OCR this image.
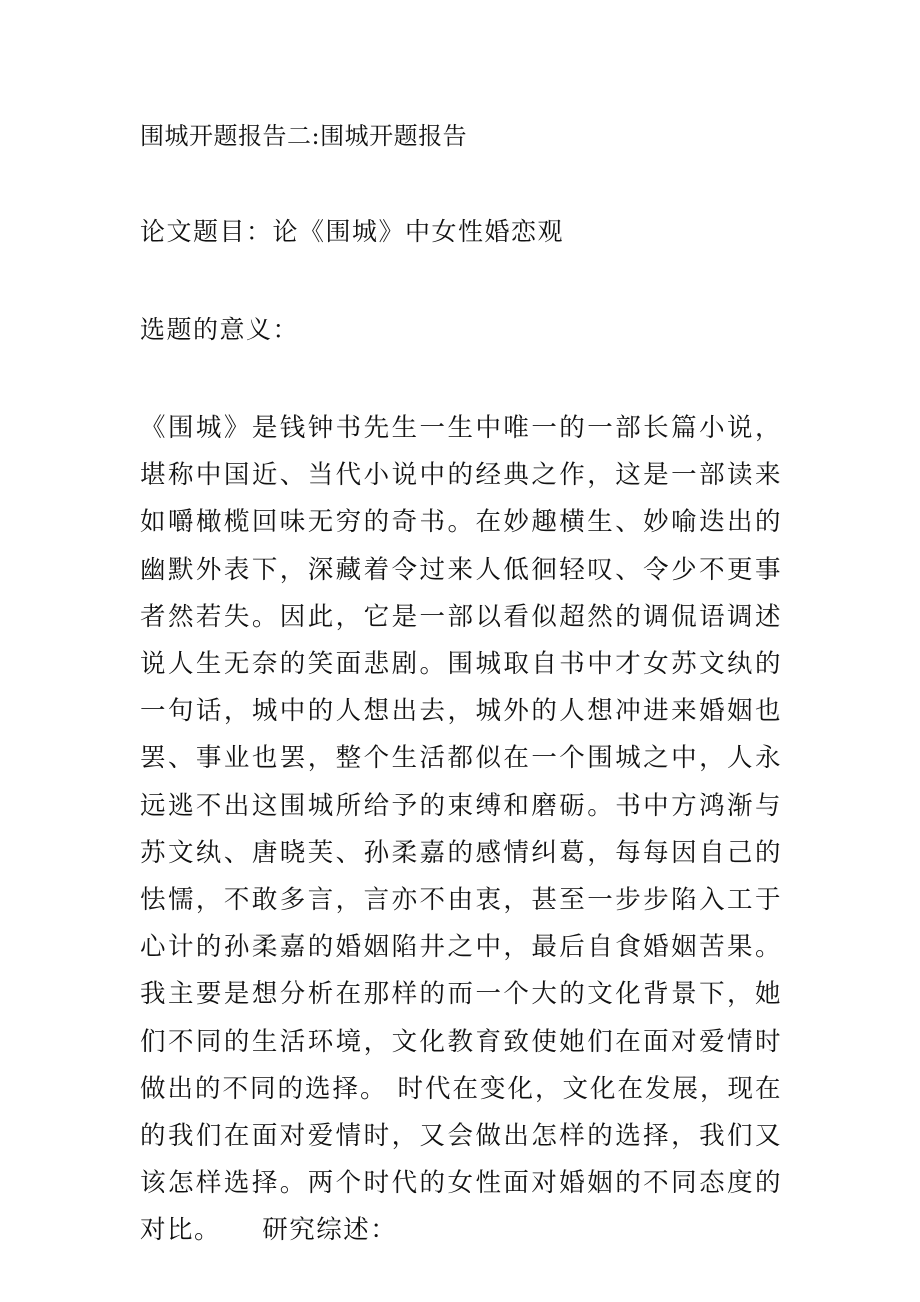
围城开题报告二:围城开题报告

论文题目：论《围城》中女性婚恋观

选题的意义：

《围城》是钱钟书先生一生中唯一的一部长篇小说，堪称中国近、当代小说中的经典之作，这是一部读来如嚼橄榄回味无穷的奇书。在妙趣横生、妙喻迭出的幽默外表下，深藏着令过来人低徊轻叹、令少不更事者然若失。因此，它是一部以看似超然的调侃语调述说人生无奈的笑面悲剧。围城取自书中才女苏文纨的一句话，城中的人想出去，城外的人想冲进来婚姻也罢、事业也罢，整个生活都似在一个围城之中，人永远逃不出这围城所给予的束缚和磨砺。书中方鸿渐与苏文纨、唐晓芙、孙柔嘉的感情纠葛，每每因自己的怯懦，不敢多言，言亦不由衷，甚至一步步陷入工于心计的孙柔嘉的婚姻陷井之中，最后自食婚姻苦果。我主要是想分析在那样的而一个大的文化背景下，她们不同的生活环境，文化教育致使她们在面对爱情时做出的不同的选择。 时代在变化，文化在发展，现在的我们在面对爱情时，又会做出怎样的选择，我们又该怎样选择。两个时代的女性面对婚姻的不同态度的对比。　　研究综述：
